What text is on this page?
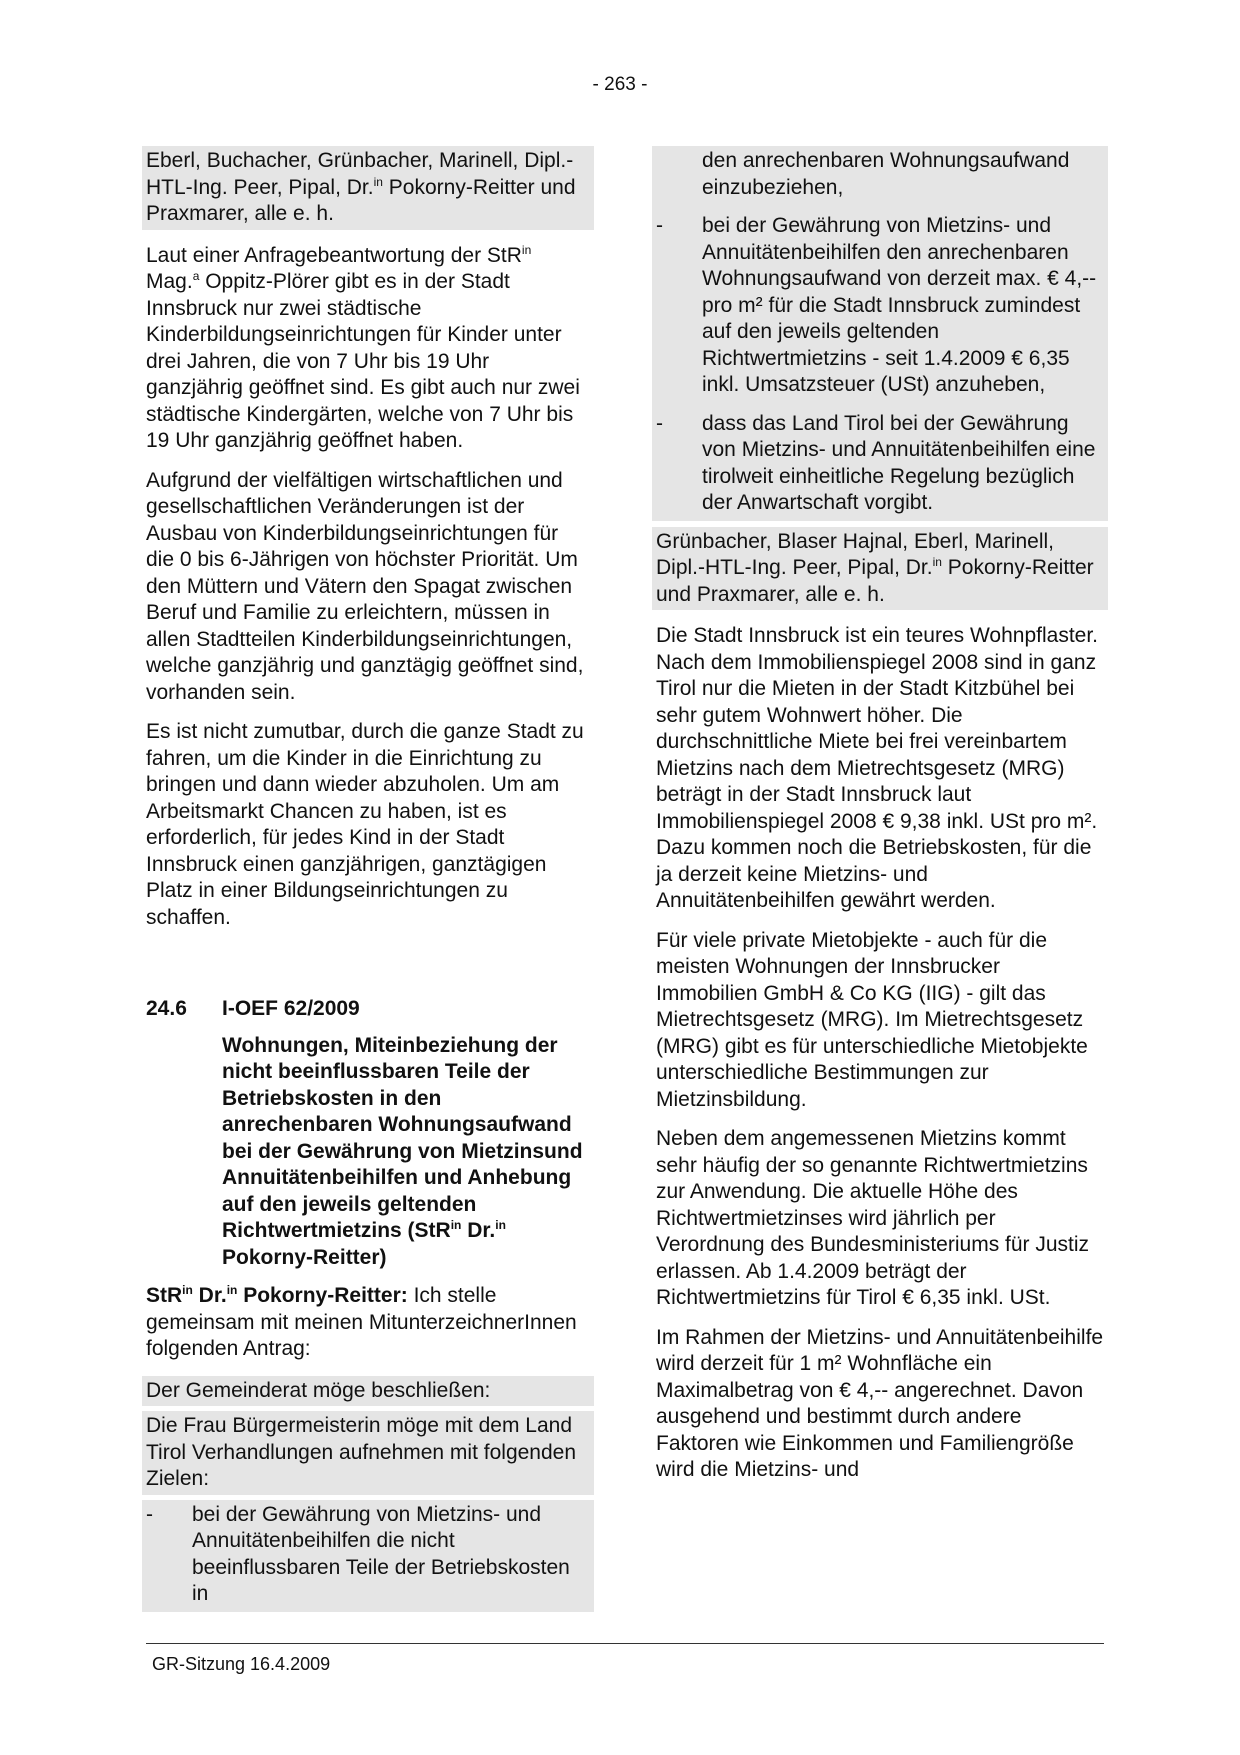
- 263 -
Eberl, Buchacher, Grünbacher, Marinell, Dipl.-HTL-Ing. Peer, Pipal, Dr.$^{in}$ Pokorny-Reitter und Praxmarer, alle e. h.
Laut einer Anfragebeantwortung der StR$^{in}$ Mag.$^a$ Oppitz-Plörer gibt es in der Stadt Innsbruck nur zwei städtische Kinderbildungseinrichtungen für Kinder unter drei Jahren, die von 7 Uhr bis 19 Uhr ganzjährig geöffnet sind. Es gibt auch nur zwei städtische Kindergärten, welche von 7 Uhr bis 19 Uhr ganzjährig geöffnet haben.
Aufgrund der vielfältigen wirtschaftlichen und gesellschaftlichen Veränderungen ist der Ausbau von Kinderbildungseinrichtungen für die 0 bis 6-Jährigen von höchster Priorität. Um den Müttern und Vätern den Spagat zwischen Beruf und Familie zu erleichtern, müssen in allen Stadtteilen Kinderbildungseinrichtungen, welche ganzjährig und ganztägig geöffnet sind, vorhanden sein.
Es ist nicht zumutbar, durch die ganze Stadt zu fahren, um die Kinder in die Einrichtung zu bringen und dann wieder abzuholen. Um am Arbeitsmarkt Chancen zu haben, ist es erforderlich, für jedes Kind in der Stadt Innsbruck einen ganzjährigen, ganztägigen Platz in einer Bildungseinrichtungen zu schaffen.
24.6	I-OEF 62/2009
Wohnungen, Miteinbeziehung der nicht beeinflussbaren Teile der Betriebskosten in den anrechenbaren Wohnungsaufwand bei der Gewährung von Mietzinsund Annuitätenbeihilfen und Anhebung auf den jeweils geltenden Richtwertmietzins (StR$^{in}$ Dr.$^{in}$ Pokorny-Reitter)
StR$^{in}$ Dr.$^{in}$ Pokorny-Reitter: Ich stelle gemeinsam mit meinen MitunterzeichnerInnen folgenden Antrag:
Der Gemeinderat möge beschließen:
Die Frau Bürgermeisterin möge mit dem Land Tirol Verhandlungen aufnehmen mit folgenden Zielen:
-	bei der Gewährung von Mietzins- und Annuitätenbeihilfen die nicht beeinflussbaren Teile der Betriebskosten in
den anrechenbaren Wohnungsaufwand einzubeziehen,
-	bei der Gewährung von Mietzins- und Annuitätenbeihilfen den anrechenbaren Wohnungsaufwand von derzeit max. € 4,-- pro m² für die Stadt Innsbruck zumindest auf den jeweils geltenden Richtwertmietzins - seit 1.4.2009 € 6,35 inkl. Umsatzsteuer (USt) anzuheben,
-	dass das Land Tirol bei der Gewährung von Mietzins- und Annuitätenbeihilfen eine tirolweit einheitliche Regelung bezüglich der Anwartschaft vorgibt.
Grünbacher, Blaser Hajnal, Eberl, Marinell, Dipl.-HTL-Ing. Peer, Pipal, Dr.$^{in}$ Pokorny-Reitter und Praxmarer, alle e. h.
Die Stadt Innsbruck ist ein teures Wohnpflaster. Nach dem Immobilienspiegel 2008 sind in ganz Tirol nur die Mieten in der Stadt Kitzbühel bei sehr gutem Wohnwert höher. Die durchschnittliche Miete bei frei vereinbartem Mietzins nach dem Mietrechtsgesetz (MRG) beträgt in der Stadt Innsbruck laut Immobilienspiegel 2008 € 9,38 inkl. USt pro m². Dazu kommen noch die Betriebskosten, für die ja derzeit keine Mietzins- und Annuitätenbeihilfen gewährt werden.
Für viele private Mietobjekte - auch für die meisten Wohnungen der Innsbrucker Immobilien GmbH & Co KG (IIG) - gilt das Mietrechtsgesetz (MRG). Im Mietrechtsgesetz (MRG) gibt es für unterschiedliche Mietobjekte unterschiedliche Bestimmungen zur Mietzinsbildung.
Neben dem angemessenen Mietzins kommt sehr häufig der so genannte Richtwertmietzins zur Anwendung. Die aktuelle Höhe des Richtwertmietzinses wird jährlich per Verordnung des Bundesministeriums für Justiz erlassen. Ab 1.4.2009 beträgt der Richtwertmietzins für Tirol € 6,35 inkl. USt.
Im Rahmen der Mietzins- und Annuitätenbeihilfe wird derzeit für 1 m² Wohnfläche ein Maximalbetrag von € 4,-- angerechnet. Davon ausgehend und bestimmt durch andere Faktoren wie Einkommen und Familiengröße wird die Mietzins- und
GR-Sitzung 16.4.2009
